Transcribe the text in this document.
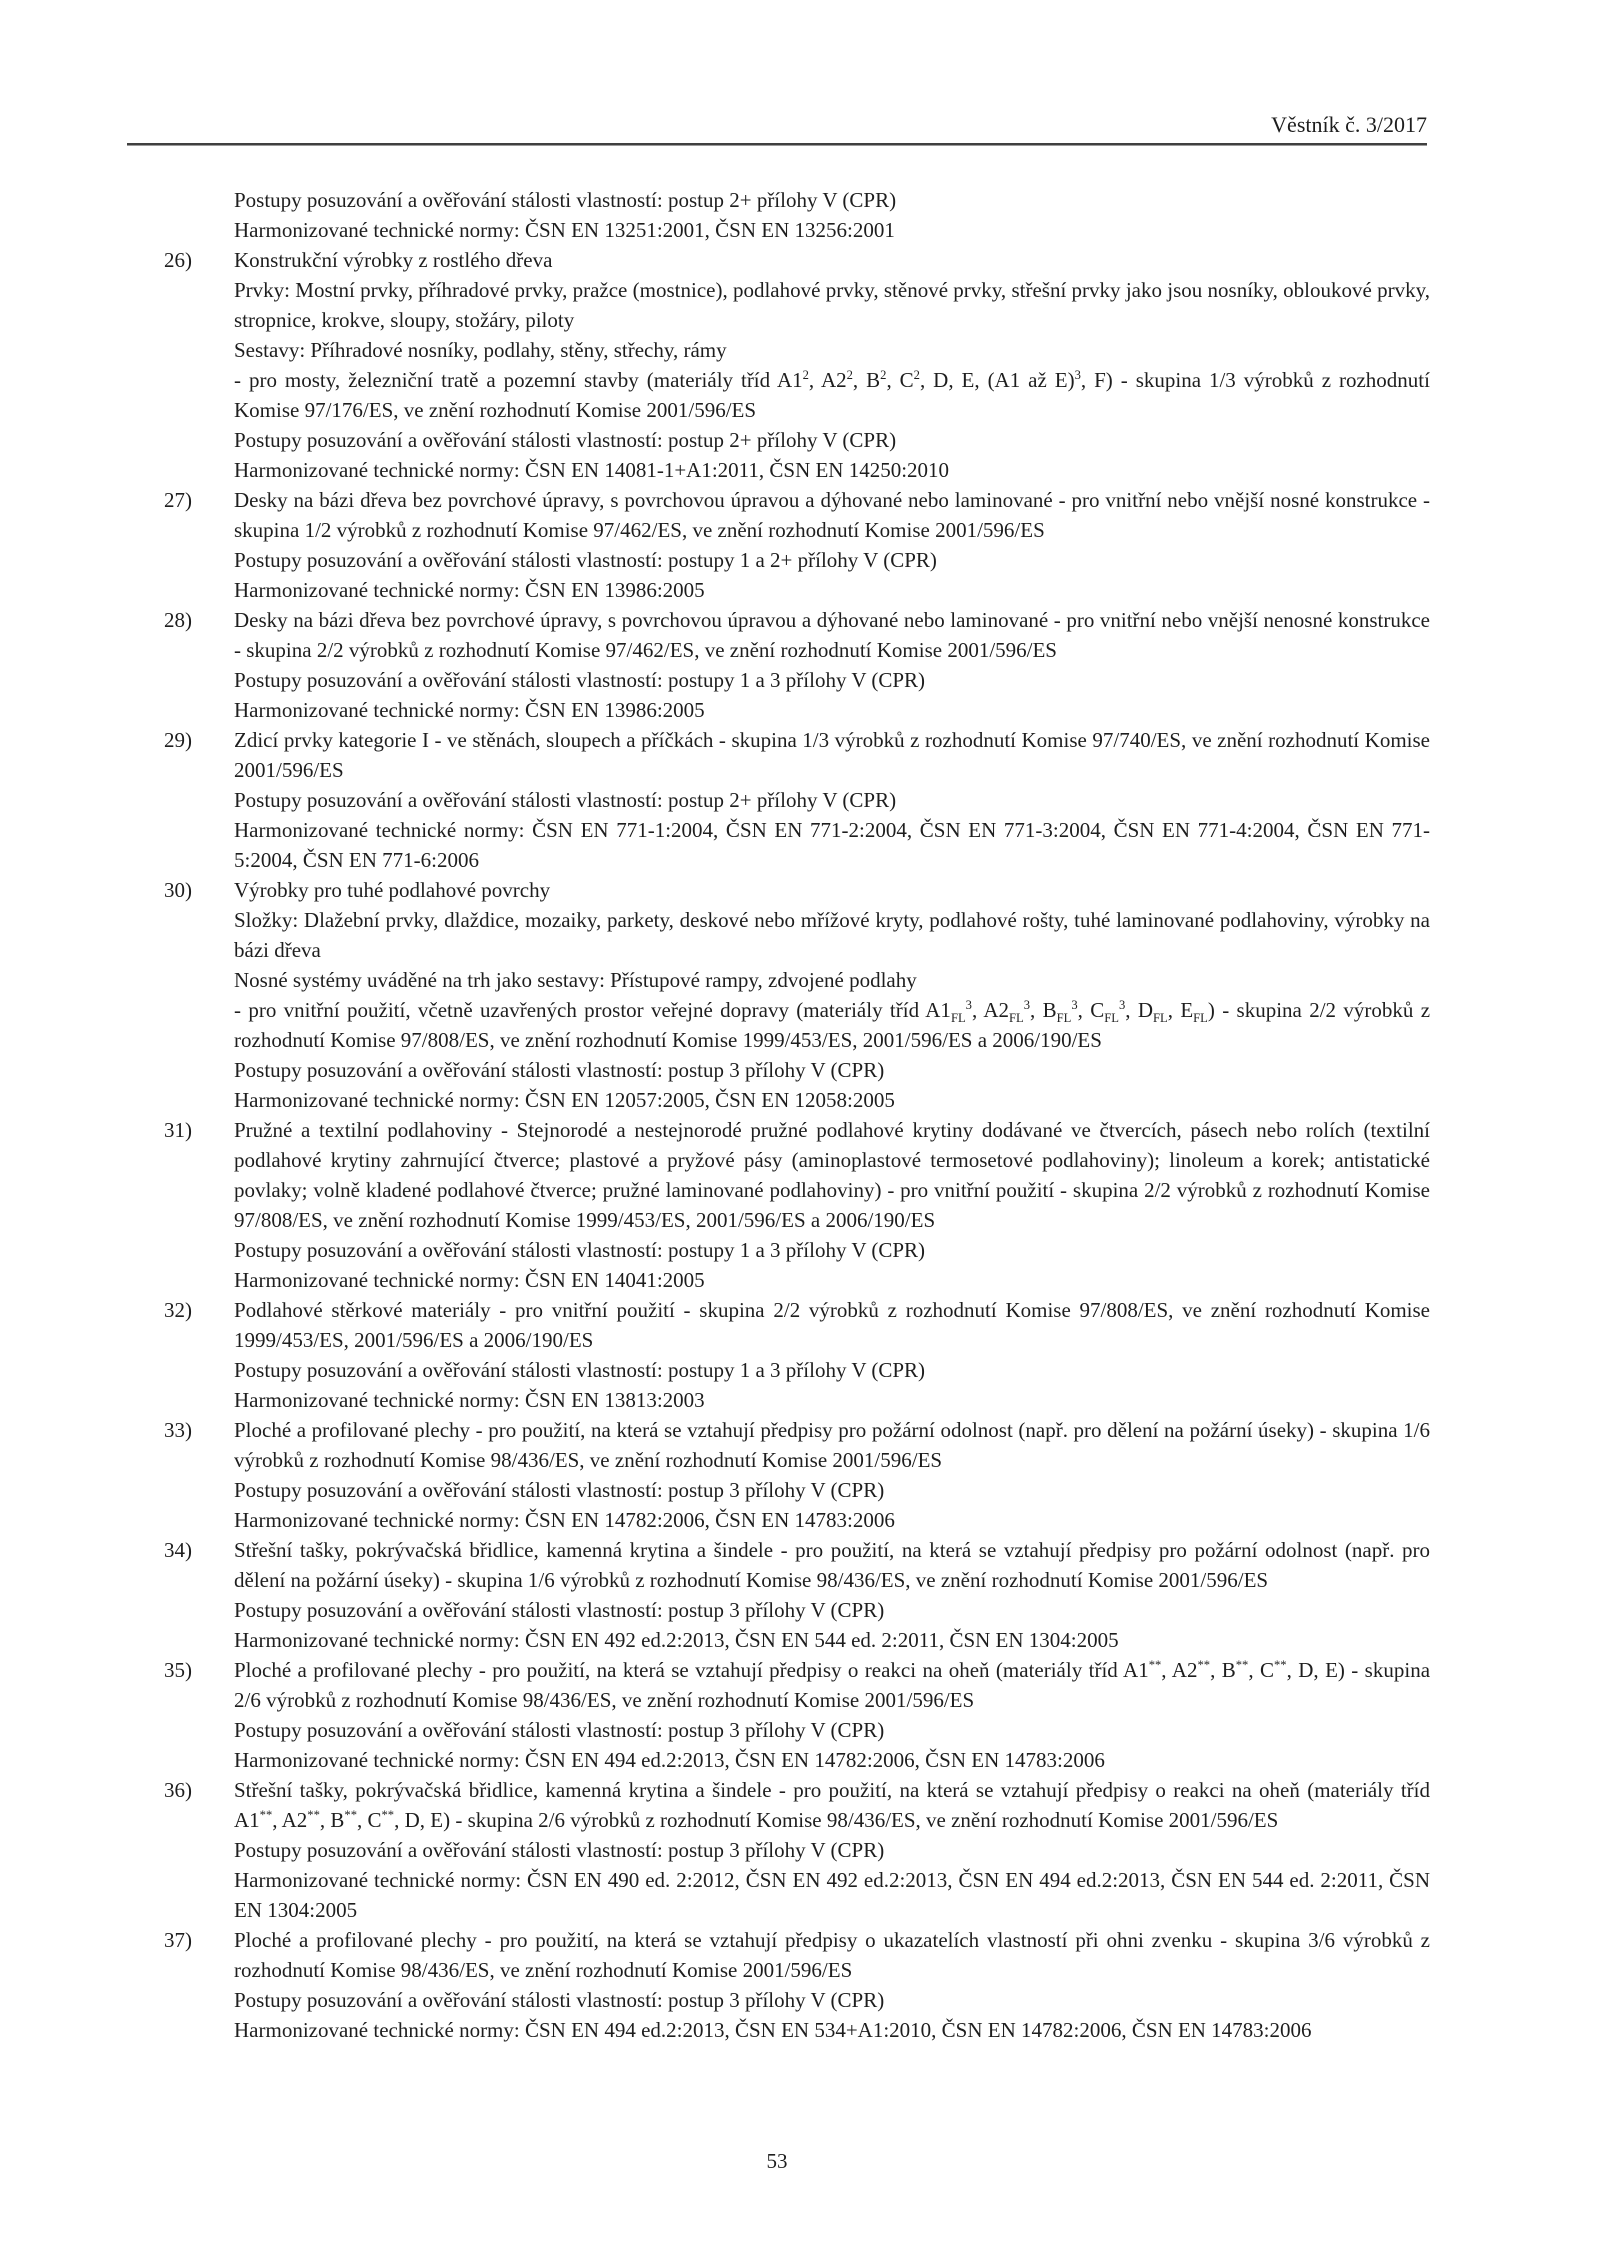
Věstník č. 3/2017
Postupy posuzování a ověřování stálosti vlastností: postup 2+ přílohy V (CPR)
Harmonizované technické normy: ČSN EN 13251:2001, ČSN EN 13256:2001
26)	Konstrukční výrobky z rostlého dřeva
Prvky: Mostní prvky, příhradové prvky, pražce (mostnice), podlahové prvky, stěnové prvky, střešní prvky jako jsou nosníky, obloukové prvky, stropnice, krokve, sloupy, stožáry, piloty
Sestavy: Příhradové nosníky, podlahy, stěny, střechy, rámy
- pro mosty, železniční tratě a pozemní stavby (materiály tříd $A1^2$, $A2^2$, $B^2$, $C^2$, D, E, (A1 až E)$^3$, F) - skupina 1/3 výrobků z rozhodnutí Komise 97/176/ES, ve znění rozhodnutí Komise 2001/596/ES
Postupy posuzování a ověřování stálosti vlastností: postup 2+ přílohy V (CPR)
Harmonizované technické normy: ČSN EN 14081-1+A1:2011, ČSN EN 14250:2010
27)	Desky na bázi dřeva bez povrchové úpravy, s povrchovou úpravou a dýhované nebo laminované - pro vnitřní nebo vnější nosné konstrukce - skupina 1/2 výrobků z rozhodnutí Komise 97/462/ES, ve znění rozhodnutí Komise 2001/596/ES
Postupy posuzování a ověřování stálosti vlastností: postupy 1 a 2+ přílohy V (CPR)
Harmonizované technické normy: ČSN EN 13986:2005
28)	Desky na bázi dřeva bez povrchové úpravy, s povrchovou úpravou a dýhované nebo laminované - pro vnitřní nebo vnější nenosné konstrukce - skupina 2/2 výrobků z rozhodnutí Komise 97/462/ES, ve znění rozhodnutí Komise 2001/596/ES
Postupy posuzování a ověřování stálosti vlastností: postupy 1 a 3 přílohy V (CPR)
Harmonizované technické normy: ČSN EN 13986:2005
29)	Zdicí prvky kategorie I - ve stěnách, sloupech a příčkách - skupina 1/3 výrobků z rozhodnutí Komise 97/740/ES, ve znění rozhodnutí Komise 2001/596/ES
Postupy posuzování a ověřování stálosti vlastností: postup 2+ přílohy V (CPR)
Harmonizované technické normy: ČSN EN 771-1:2004, ČSN EN 771-2:2004, ČSN EN 771-3:2004, ČSN EN 771-4:2004, ČSN EN 771-5:2004, ČSN EN 771-6:2006
30)	Výrobky pro tuhé podlahové povrchy
Složky: Dlažební prvky, dlaždice, mozaiky, parkety, deskové nebo mřížové kryty, podlahové rošty, tuhé laminované podlahoviny, výrobky na bázi dřeva
Nosné systémy uváděné na trh jako sestavy: Přístupové rampy, zdvojené podlahy
- pro vnitřní použití, včetně uzavřených prostor veřejné dopravy (materiály tříd $A1_{FL}^3$, $A2_{FL}^3$, $B_{FL}^3$, $C_{FL}^3$, $D_{FL}$, $E_{FL}$) - skupina 2/2 výrobků z rozhodnutí Komise 97/808/ES, ve znění rozhodnutí Komise 1999/453/ES, 2001/596/ES a 2006/190/ES
Postupy posuzování a ověřování stálosti vlastností: postup 3 přílohy V (CPR)
Harmonizované technické normy: ČSN EN 12057:2005, ČSN EN 12058:2005
31)	Pružné a textilní podlahoviny - Stejnorodé a nestejnorodé pružné podlahové krytiny dodávané ve čtvercích, pásech nebo rolích (textilní podlahové krytiny zahrnující čtverce; plastové a pryžové pásy (aminoplastové termosetové podlahoviny); linoleum a korek; antistatické povlaky; volně kladené podlahové čtverce; pružné laminované podlahoviny) - pro vnitřní použití - skupina 2/2 výrobků z rozhodnutí Komise 97/808/ES, ve znění rozhodnutí Komise 1999/453/ES, 2001/596/ES a 2006/190/ES
Postupy posuzování a ověřování stálosti vlastností: postupy 1 a 3 přílohy V (CPR)
Harmonizované technické normy: ČSN EN 14041:2005
32)	Podlahové stěrkové materiály - pro vnitřní použití - skupina 2/2 výrobků z rozhodnutí Komise 97/808/ES, ve znění rozhodnutí Komise 1999/453/ES, 2001/596/ES a 2006/190/ES
Postupy posuzování a ověřování stálosti vlastností: postupy 1 a 3 přílohy V (CPR)
Harmonizované technické normy: ČSN EN 13813:2003
33)	Ploché a profilované plechy - pro použití, na která se vztahují předpisy pro požární odolnost (např. pro dělení na požární úseky) - skupina 1/6 výrobků z rozhodnutí Komise 98/436/ES, ve znění rozhodnutí Komise 2001/596/ES
Postupy posuzování a ověřování stálosti vlastností: postup 3 přílohy V (CPR)
Harmonizované technické normy: ČSN EN 14782:2006, ČSN EN 14783:2006
34)	Střešní tašky, pokrývačská břidlice, kamenná krytina a šindele - pro použití, na která se vztahují předpisy pro požární odolnost (např. pro dělení na požární úseky) - skupina 1/6 výrobků z rozhodnutí Komise 98/436/ES, ve znění rozhodnutí Komise 2001/596/ES
Postupy posuzování a ověřování stálosti vlastností: postup 3 přílohy V (CPR)
Harmonizované technické normy: ČSN EN 492 ed.2:2013, ČSN EN 544 ed. 2:2011, ČSN EN 1304:2005
35)	Ploché a profilované plechy - pro použití, na která se vztahují předpisy o reakci na oheň (materiály tříd A1**, A2**, B**, C**, D, E) - skupina 2/6 výrobků z rozhodnutí Komise 98/436/ES, ve znění rozhodnutí Komise 2001/596/ES
Postupy posuzování a ověřování stálosti vlastností: postup 3 přílohy V (CPR)
Harmonizované technické normy: ČSN EN 494 ed.2:2013, ČSN EN 14782:2006, ČSN EN 14783:2006
36)	Střešní tašky, pokrývačská břidlice, kamenná krytina a šindele - pro použití, na která se vztahují předpisy o reakci na oheň (materiály tříd A1**, A2**, B**, C**, D, E) - skupina 2/6 výrobků z rozhodnutí Komise 98/436/ES, ve znění rozhodnutí Komise 2001/596/ES
Postupy posuzování a ověřování stálosti vlastností: postup 3 přílohy V (CPR)
Harmonizované technické normy: ČSN EN 490 ed. 2:2012, ČSN EN 492 ed.2:2013, ČSN EN 494 ed.2:2013, ČSN EN 544 ed. 2:2011, ČSN EN 1304:2005
37)	Ploché a profilované plechy - pro použití, na která se vztahují předpisy o ukazatelích vlastností při ohni zvenku - skupina 3/6 výrobků z rozhodnutí Komise 98/436/ES, ve znění rozhodnutí Komise 2001/596/ES
Postupy posuzování a ověřování stálosti vlastností: postup 3 přílohy V (CPR)
Harmonizované technické normy: ČSN EN 494 ed.2:2013, ČSN EN 534+A1:2010, ČSN EN 14782:2006, ČSN EN 14783:2006
53
